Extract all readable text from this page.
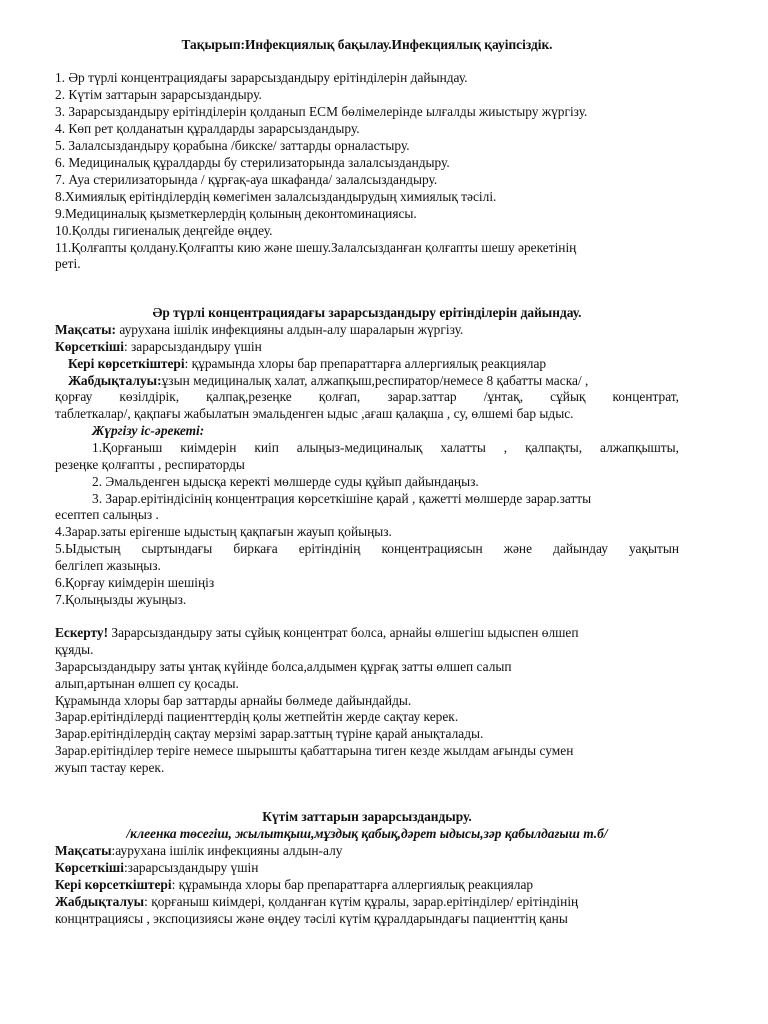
Тақырып:Инфекциялық бақылау.Инфекциялық қауіпсіздік.
1. Әр түрлі концентрациядағы зарарсыздандыру ерітінділерін дайындау.
2. Күтім заттарын зарарсыздандыру.
3. Зарарсыздандыру ерітінділерін қолданып ЕСМ бөлімелерінде ылғалды жиыстыру жүргізу.
4. Көп рет қолданатын құралдарды зарарсыздандыру.
5. Залалсыздандыру қорабына /бикске/ заттарды орналастыру.
6. Медициналық құралдарды бу стерилизаторында залалсыздандыру.
7. Ауа стерилизаторында / құрғақ-ауа шкафанда/ залалсыздандыру.
8.Химиялық ерітінділердің көмегімен залалсыздандырудың химиялық тәсілі.
9.Медициналық қызметкерлердің қолының деконтоминациясы.
10.Қолды гигиеналық деңгейде өңдеу.
11.Қолғапты қолдану.Қолғапты кию және шешу.Залалсызданған қолғапты шешу әрекетінің
реті.
Әр түрлі концентрациядағы зарарсыздандыру ерітінділерін дайындау.
Мақсаты: аурухана ішілік инфекцияны алдын-алу шараларын жүргізу.
Көрсеткіші: зарарсыздандыру үшін
Кері көрсеткіштері: құрамында хлоры бар препараттарға аллергиялық реакциялар
Жабдықталуы:ұзын медициналық халат, алжапқыш,респиратор/немесе 8 қабатты маска/ ,
қорғау көзілдірік, қалпақ,резеңке қолғап, зарар.заттар /ұнтақ, сұйық концентрат,
таблеткалар/, қақпағы жабылатын эмальденген ыдыс ,ағаш қалақша , су, өлшемі бар ыдыс.
Жүргізу іс-әрекеті:
1.Қорғаныш киімдерін киіп алыңыз-медициналық халатты , қалпақты, алжапқышты,
резеңке қолғапты , респираторды
2. Эмальденген ыдысқа керекті мөлшерде суды құйып дайындаңыз.
3. Зарар.ерітіндісінің концентрация көрсеткішіне қарай , қажетті мөлшерде зарар.затты
есептеп салыңыз .
4.Зарар.заты ерігенше ыдыстың қақпағын жауып қойыңыз.
5.Ыдыстың сыртындағы биркаға ерітіндінің концентрациясын және дайындау уақытын
белгілеп жазыңыз.
6.Қорғау киімдерін шешіңіз
7.Қолыңызды жуыңыз.
Ескерту! Зарарсыздандыру заты сұйық концентрат болса, арнайы өлшегіш ыдыспен өлшеп
құяды.
Зарарсыздандыру заты ұнтақ күйінде болса,алдымен құрғақ затты өлшеп салып
алып,артынан өлшеп су қосады.
Құрамында хлоры бар заттарды арнайы бөлмеде дайындайды.
Зарар.ерітінділерді пациенттердің қолы жетпейтін жерде сақтау керек.
Зарар.ерітінділердің сақтау мерзімі зарар.заттың түріне қарай анықталады.
Зарар.ерітінділер теріге немесе шырышты қабаттарына тиген кезде жылдам ағынды сумен
жуып тастау керек.
Күтім заттарын зарарсыздандыру.
/клеенка төсегіш, жылытқыш,мұздық қабық,дәрет ыдысы,зәр қабылдағыш т.б/
Мақсаты:аурухана ішілік инфекцияны алдын-алу
Көрсеткіші:зарарсыздандыру үшін
Кері көрсеткіштері: құрамында хлоры бар препараттарға аллергиялық реакциялар
Жабдықталуы: қорғаныш киімдері, қолданған күтім құралы, зарар.ерітінділер/ ерітіндінің
концнтрациясы , экспоцизиясы және өңдеу тәсілі күтім құралдарындағы пациенттің қаны
